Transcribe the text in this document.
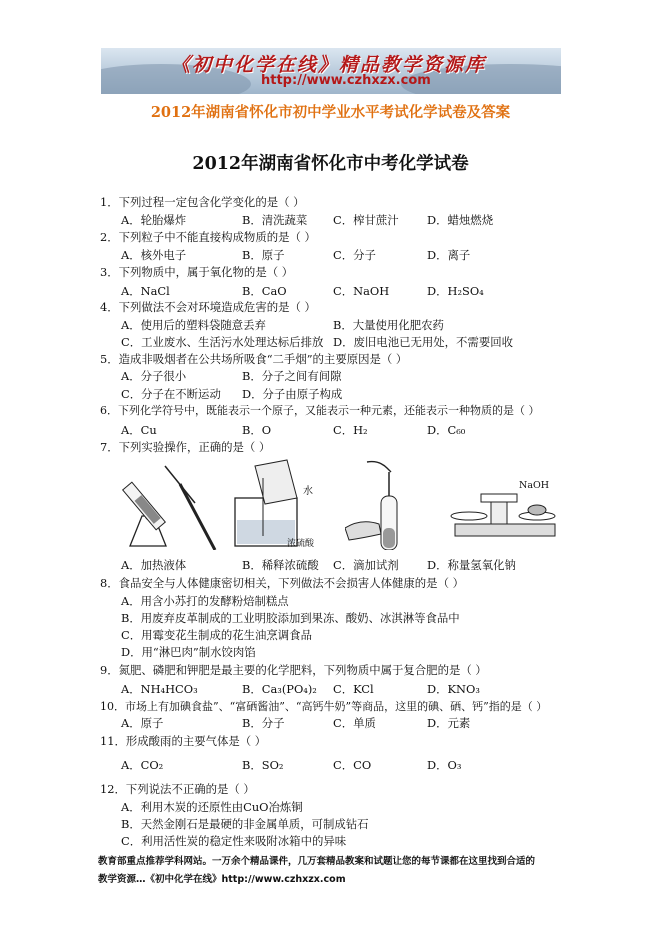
《初中化学在线》精品教学资源库
http://www.czhxzx.com
2012年湖南省怀化市初中学业水平考试化学试卷及答案
2012年湖南省怀化市中考化学试卷
1．下列过程一定包含化学变化的是（ ）
A．轮胎爆炸	B．清洗蔬菜 C．榨甘蔗汁 D．蜡烛燃烧
2．下列粒子中不能直接构成物质的是（ ）
A．核外电子	B．原子	C．分子	D．离子
3．下列物质中，属于氧化物的是（ ）
A．NaCl	B．CaO	C．NaOH	D．H₂SO₄
4．下列做法不会对环境造成危害的是（ ）
A．使用后的塑料袋随意丢弃	B．大量使用化肥农药
C．工业废水、生活污水处理达标后排放 D．废旧电池已无用处，不需要回收
5．造成非吸烟者在公共场所吸食“二手烟”的主要原因是（ ）
A．分子很小	B．分子之间有间隙
C．分子在不断运动 D．分子由原子构成
6．下列化学符号中，既能表示一个原子，又能表示一种元素，还能表示一种物质的是（ ）
A．Cu	B．O	C．H₂	D．C₆₀
7．下列实验操作，正确的是（ ）
水
浓硫酸
NaOH
A．加热液体	B．稀释浓硫酸 C．滴加试剂 D．称量氢氧化钠
8．食品安全与人体健康密切相关，下列做法不会损害人体健康的是（ ）
A．用含小苏打的发酵粉焙制糕点
B．用废弃皮革制成的工业明胶添加到果冻、酸奶、冰淇淋等食品中
C．用霉变花生制成的花生油烹调食品
D．用“淋巴肉”制水饺肉馅
9．氮肥、磷肥和钾肥是最主要的化学肥料，下列物质中属于复合肥的是（ ）
A．NH₄HCO₃	B．Ca₃(PO₄)₂ C．KCl	D．KNO₃
10．市场上有加碘食盐”、“富硒酱油”、“高钙牛奶”等商品，这里的碘、硒、钙”指的是（ ）
A．原子	B．分子	C．单质	D．元素
11．形成酸雨的主要气体是（ ）
A．CO₂	B．SO₂	C．CO	D．O₃
12．下列说法不正确的是（ ）
A．利用木炭的还原性由CuO冶炼铜
B．天然金刚石是最硬的非金属单质，可制成钻石
C．利用活性炭的稳定性来吸附冰箱中的异味
教育部重点推荐学科网站。一万余个精品课件，几万套精品教案和试题让您的每节课都在这里找到合适的
教学资源…《初中化学在线》http://www.czhxzx.com
